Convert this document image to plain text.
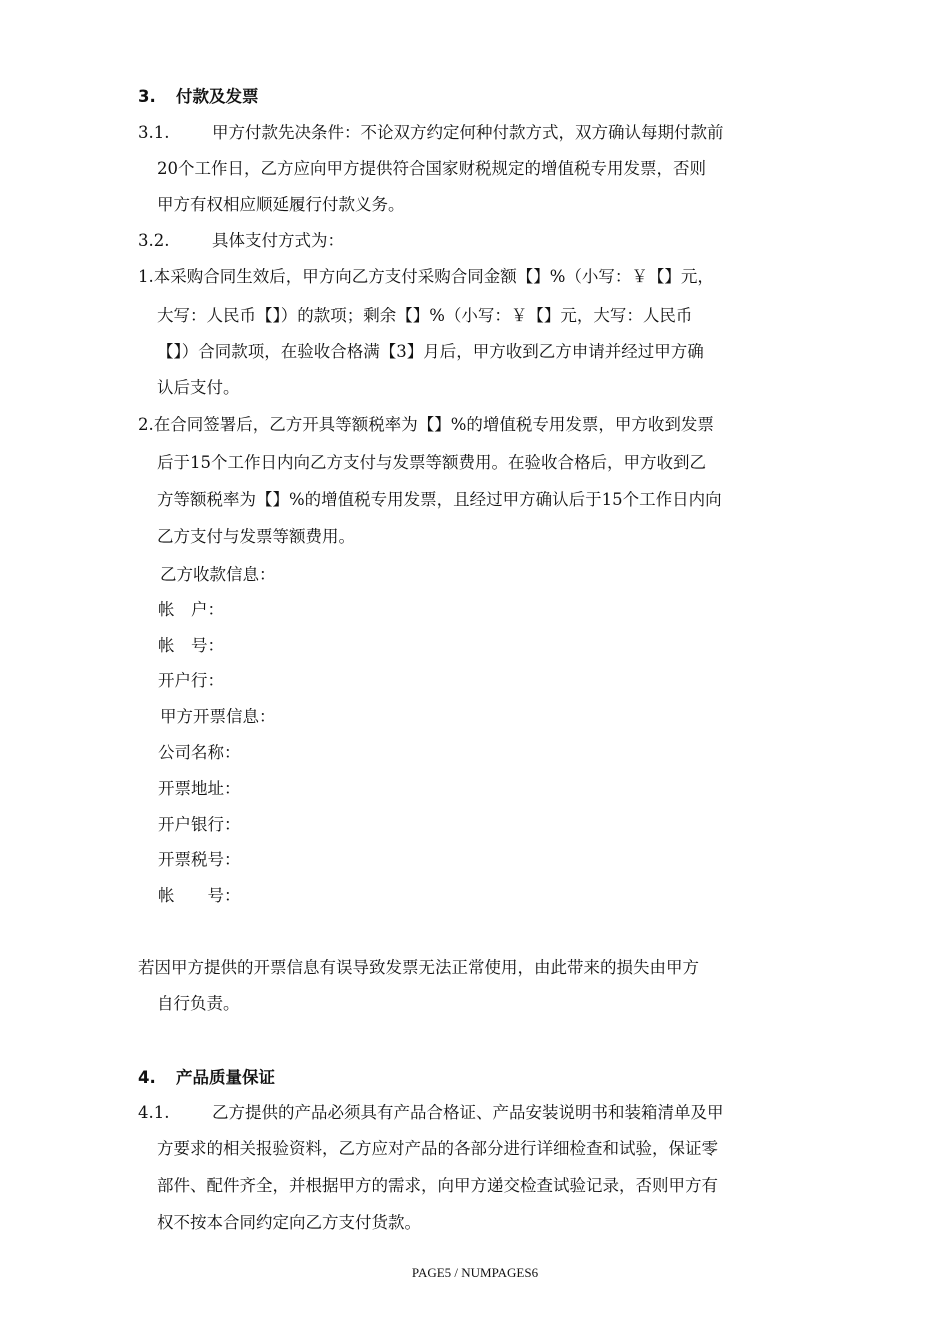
3. 付款及发票
3.1.	甲方付款先决条件：不论双方约定何种付款方式，双方确认每期付款前
20个工作日，乙方应向甲方提供符合国家财税规定的增值税专用发票，否则
甲方有权相应顺延履行付款义务。
3.2.	具体支付方式为：
1.本采购合同生效后，甲方向乙方支付采购合同金额【】%（小写：￥【】元，
大写：人民币【】）的款项；剩余【】%（小写：￥【】元，大写：人民币
【】）合同款项，在验收合格满【3】月后，甲方收到乙方申请并经过甲方确
认后支付。
2.在合同签署后，乙方开具等额税率为【】%的增值税专用发票，甲方收到发票
后于15个工作日内向乙方支付与发票等额费用。在验收合格后，甲方收到乙
方等额税率为【】%的增值税专用发票，且经过甲方确认后于15个工作日内向
乙方支付与发票等额费用。
乙方收款信息：
帐　户：
帐　号：
开户行：
甲方开票信息：
公司名称：
开票地址：
开户银行：
开票税号：
帐　　号：
若因甲方提供的开票信息有误导致发票无法正常使用，由此带来的损失由甲方
自行负责。
4. 产品质量保证
4.1.	乙方提供的产品必须具有产品合格证、产品安装说明书和装箱清单及甲
方要求的相关报验资料，乙方应对产品的各部分进行详细检查和试验，保证零
部件、配件齐全，并根据甲方的需求，向甲方递交检查试验记录，否则甲方有
权不按本合同约定向乙方支付货款。
PAGE5 / NUMPAGES6
